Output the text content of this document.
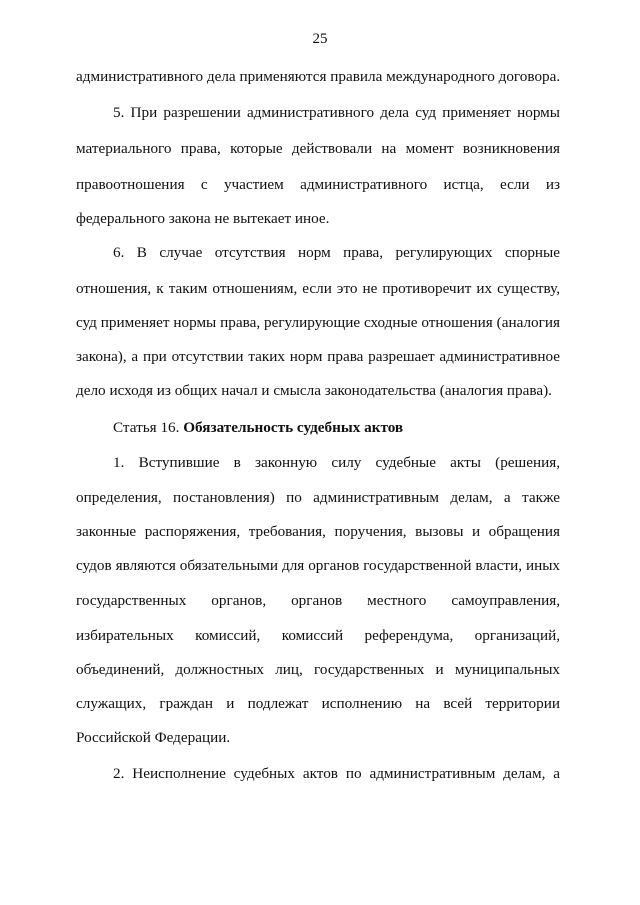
25
административного дела применяются правила международного договора.
5. При разрешении административного дела суд применяет нормы
материального права, которые действовали на момент возникновения
правоотношения с участием административного истца, если из
федерального закона не вытекает иное.
6. В случае отсутствия норм права, регулирующих спорные
отношения, к таким отношениям, если это не противоречит их существу,
суд применяет нормы права, регулирующие сходные отношения (аналогия
закона), а при отсутствии таких норм права разрешает административное
дело исходя из общих начал и смысла законодательства (аналогия права).
Статья 16. Обязательность судебных актов
1. Вступившие в законную силу судебные акты (решения,
определения, постановления) по административным делам, а также
законные распоряжения, требования, поручения, вызовы и обращения
судов являются обязательными для органов государственной власти, иных
государственных органов, органов местного самоуправления,
избирательных комиссий, комиссий референдума, организаций,
объединений, должностных лиц, государственных и муниципальных
служащих, граждан и подлежат исполнению на всей территории
Российской Федерации.
2. Неисполнение судебных актов по административным делам, а
